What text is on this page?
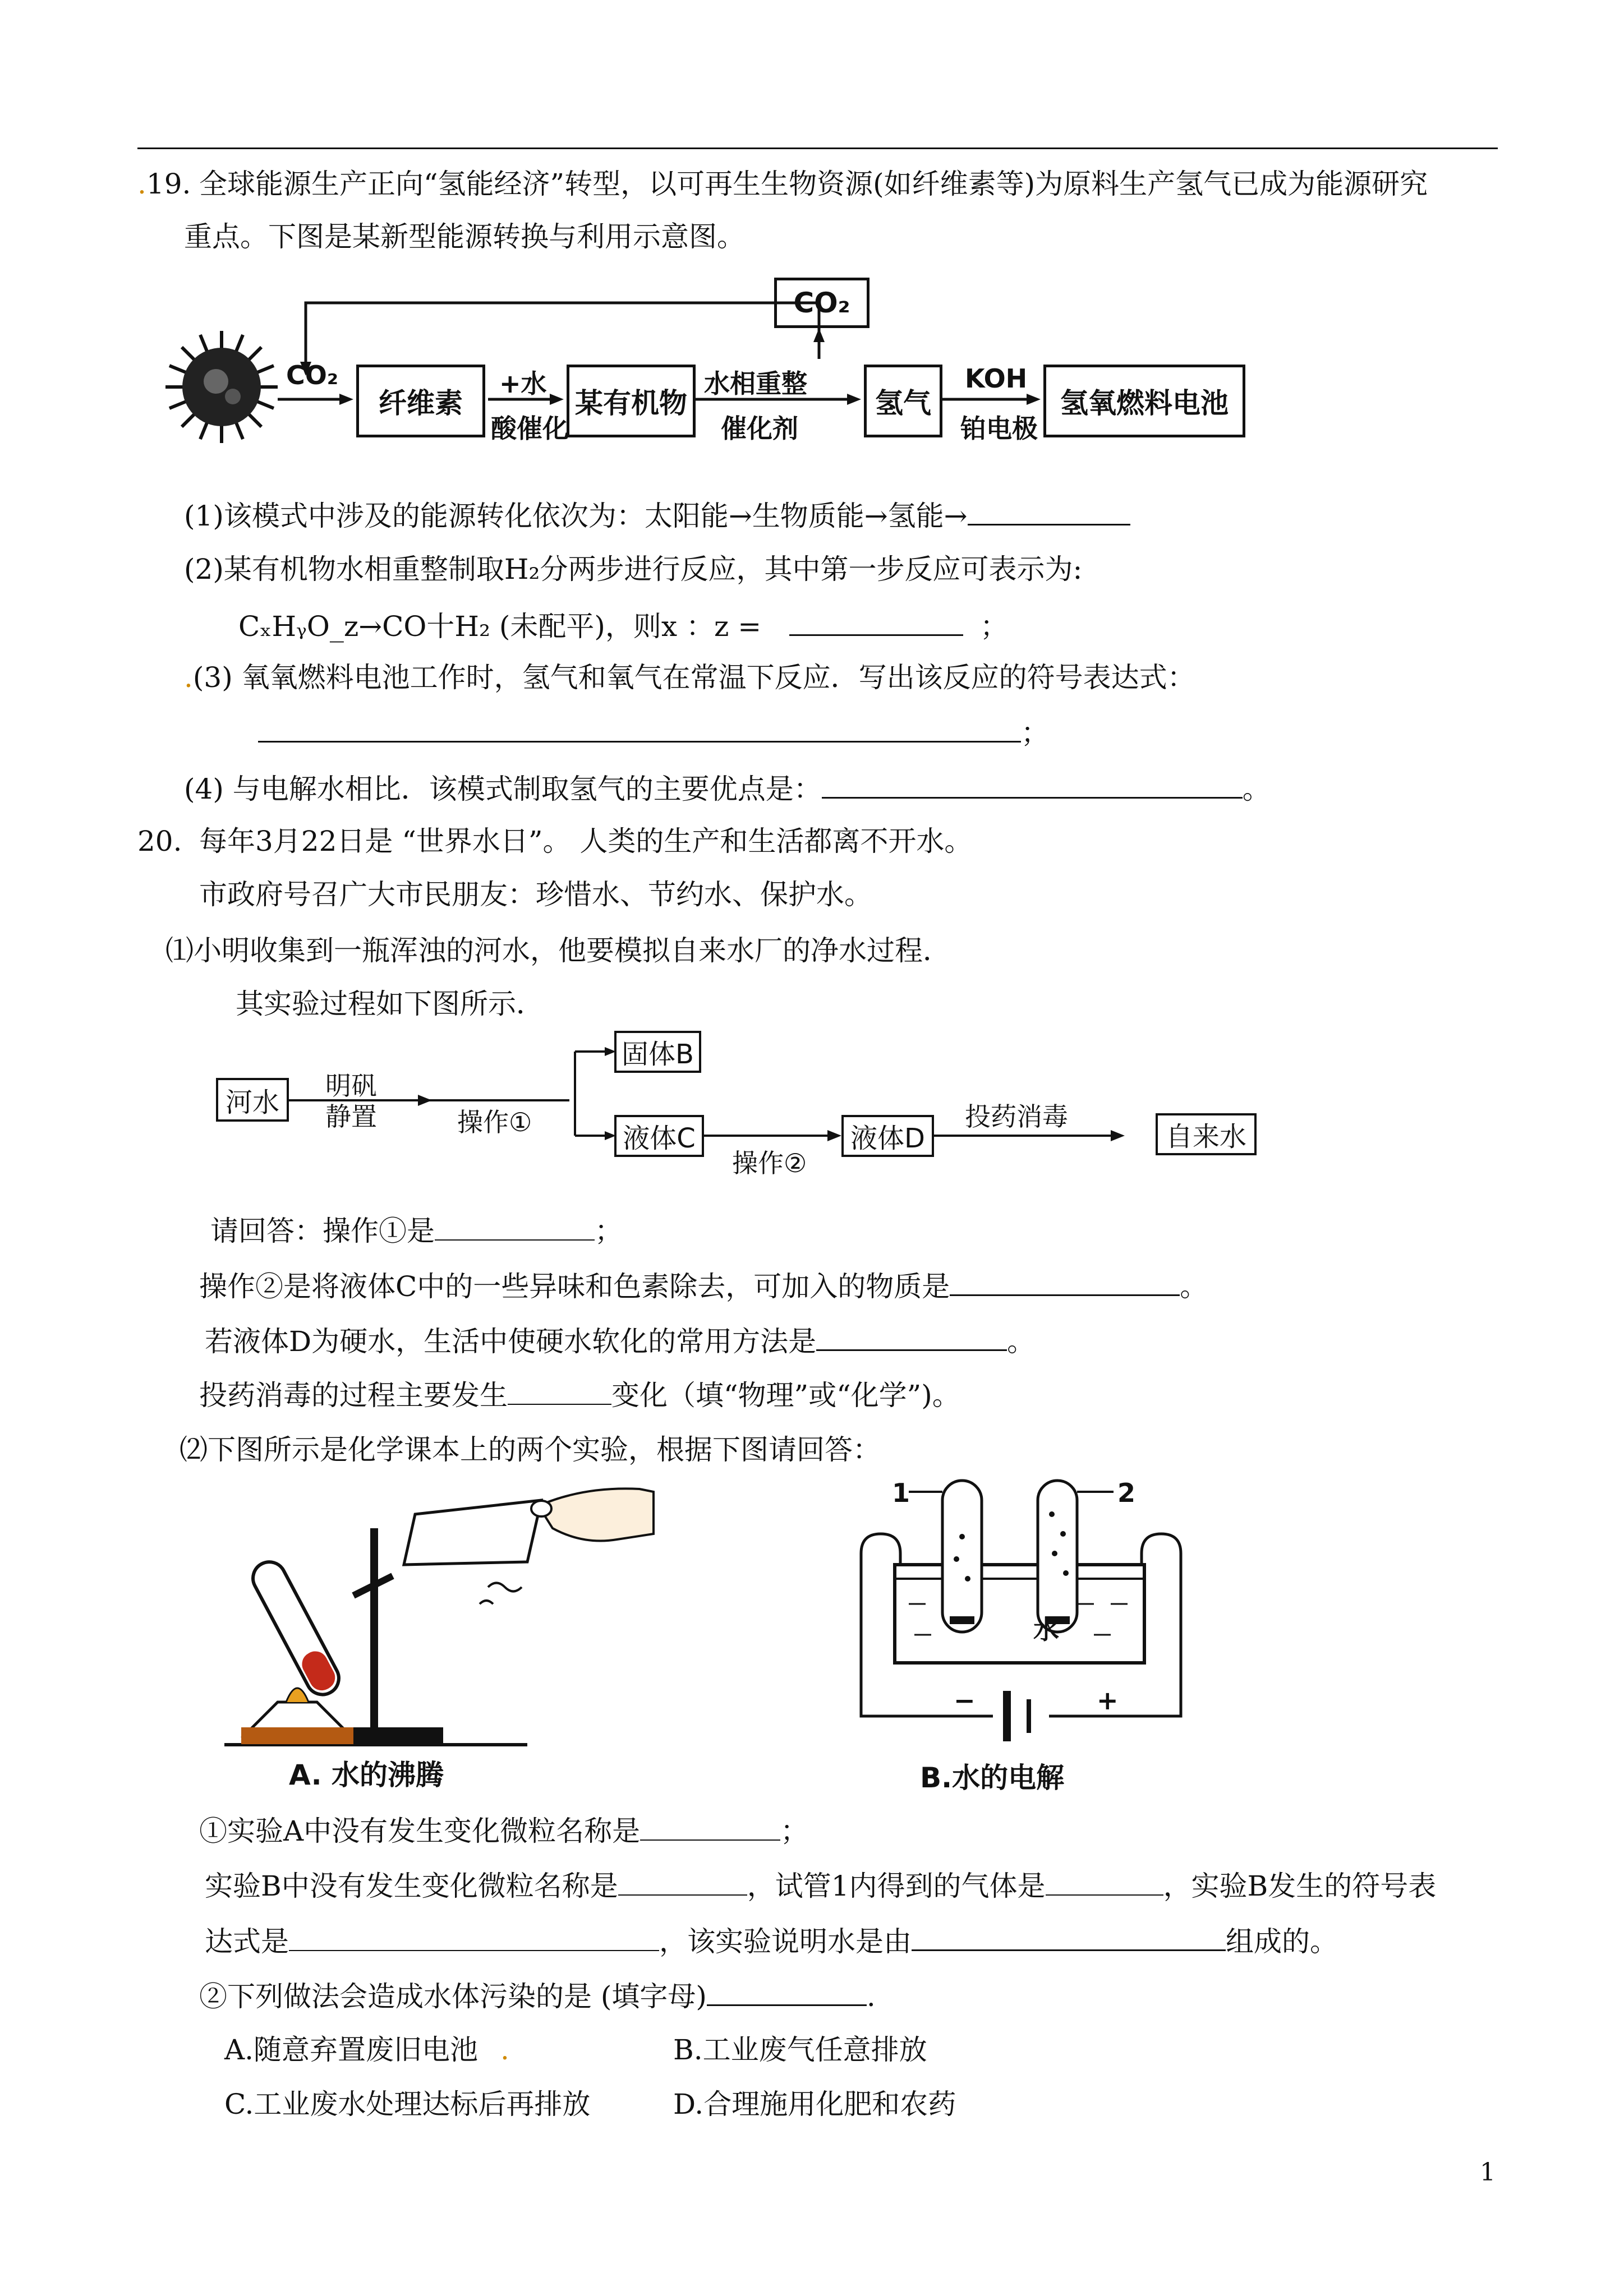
.19. 全球能源生产正向“氢能经济”转型，以可再生生物资源(如纤维素等)为原料生产氢气已成为能源研究
重点。下图是某新型能源转换与利用示意图。
CO₂
CO₂
纤维素
+水
酸催化
某有机物
水相重整
催化剂
氢气
KOH
铂电极
氢氧燃料电池
(1)该模式中涉及的能源转化依次为：太阳能→生物质能→氢能→
(2)某有机物水相重整制取H₂分两步进行反应，其中第一步反应可表示为:
CₓHᵧO_z→CO十H₂ (未配平)，则x ：z =	；
.(3) 氧氧燃料电池工作时，氢气和氧气在常温下反应．写出该反应的符号表达式：
；
(4) 与电解水相比．该模式制取氢气的主要优点是：	。
20. 每年3月22日是 “世界水日”。 人类的生产和生活都离不开水。
市政府号召广大市民朋友：珍惜水、节约水、保护水。
⑴小明收集到一瓶浑浊的河水，他要模拟自来水厂的净水过程．
其实验过程如下图所示．
河水
明矾
静置	操作①
固体B
液体C
操作②
液体D
投药消毒
自来水
请回答：操作①是	；
操作②是将液体C中的一些异味和色素除去，可加入的物质是	。
若液体D为硬水，生活中使硬水软化的常用方法是	。
投药消毒的过程主要发生	变化（填“物理”或“化学”)。
⑵下图所示是化学课本上的两个实验，根据下图请回答：
A. 水的沸腾
1	2
水
−	+
B.水的电解
①实验A中没有发生变化微粒名称是	；
实验B中没有发生变化微粒名称是	，试管1内得到的气体是	，实验B发生的符号表
达式是	，该实验说明水是由	组成的。
②下列做法会造成水体污染的是 (填字母)	.
A.随意弃置废旧电池 .	B.工业废气任意排放
C.工业废水处理达标后再排放	D.合理施用化肥和农药
1
